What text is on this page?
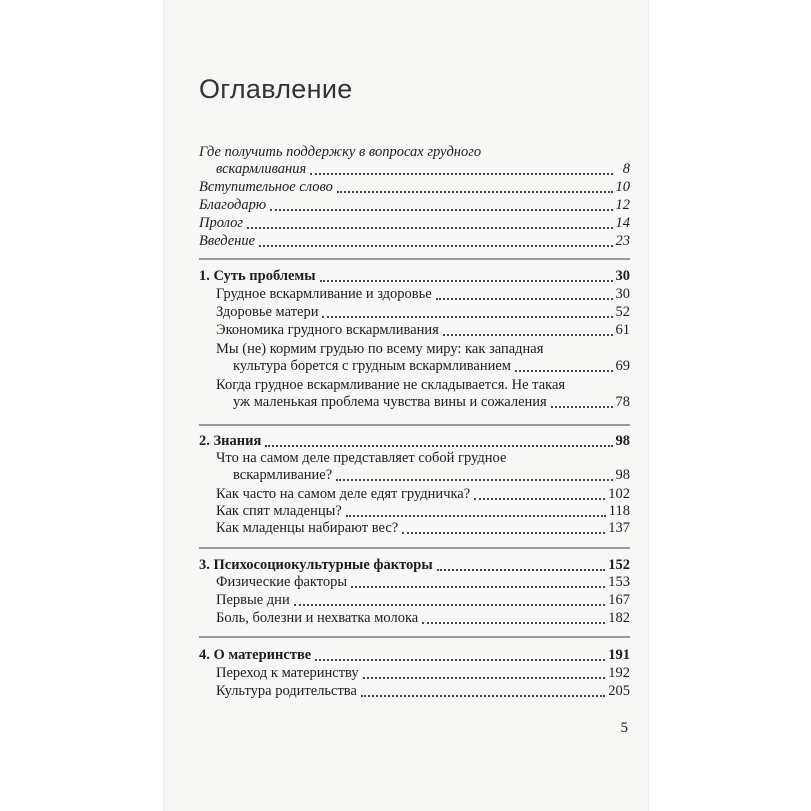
Оглавление
Где получить поддержку в вопросах грудного
вскармливания	8
Вступительное слово	10
Благодарю	12
Пролог	14
Введение	23
1. Суть проблемы	30
Грудное вскармливание и здоровье	30
Здоровье матери	52
Экономика грудного вскармливания	61
Мы (не) кормим грудью по всему миру: как западная
культура борется с грудным вскармливанием	69
Когда грудное вскармливание не складывается. Не такая
уж маленькая проблема чувства вины и сожаления	78
2. Знания	98
Что на самом деле представляет собой грудное
вскармливание?	98
Как часто на самом деле едят грудничка?	102
Как спят младенцы?	118
Как младенцы набирают вес?	137
3. Психосоциокультурные факторы	152
Физические факторы	153
Первые дни	167
Боль, болезни и нехватка молока	182
4. О материнстве	191
Переход к материнству	192
Культура родительства	205
5
